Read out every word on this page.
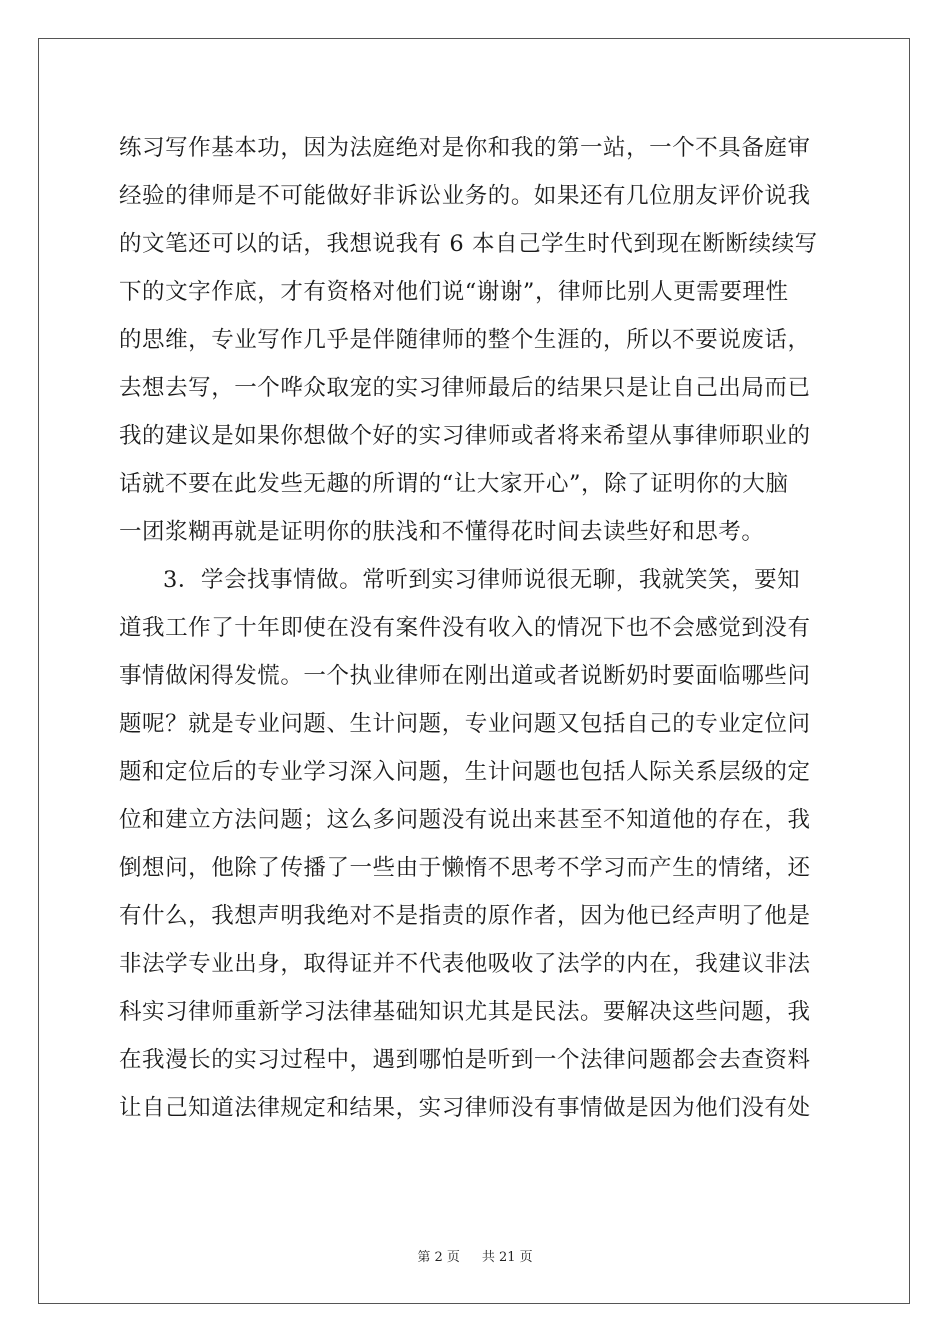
练习写作基本功，因为法庭绝对是你和我的第一站，一个不具备庭审
经验的律师是不可能做好非诉讼业务的。如果还有几位朋友评价说我
的文笔还可以的话，我想说我有 6 本自己学生时代到现在断断续续写
下的文字作底，才有资格对他们说“谢谢”，律师比别人更需要理性
的思维，专业写作几乎是伴随律师的整个生涯的，所以不要说废话，
去想去写，一个哗众取宠的实习律师最后的结果只是让自己出局而已
我的建议是如果你想做个好的实习律师或者将来希望从事律师职业的
话就不要在此发些无趣的所谓的“让大家开心”，除了证明你的大脑
一团浆糊再就是证明你的肤浅和不懂得花时间去读些好和思考。
3．学会找事情做。常听到实习律师说很无聊，我就笑笑，要知
道我工作了十年即使在没有案件没有收入的情况下也不会感觉到没有
事情做闲得发慌。一个执业律师在刚出道或者说断奶时要面临哪些问
题呢？就是专业问题、生计问题，专业问题又包括自己的专业定位问
题和定位后的专业学习深入问题，生计问题也包括人际关系层级的定
位和建立方法问题；这么多问题没有说出来甚至不知道他的存在，我
倒想问，他除了传播了一些由于懒惰不思考不学习而产生的情绪，还
有什么，我想声明我绝对不是指责的原作者，因为他已经声明了他是
非法学专业出身，取得证并不代表他吸收了法学的内在，我建议非法
科实习律师重新学习法律基础知识尤其是民法。要解决这些问题，我
在我漫长的实习过程中，遇到哪怕是听到一个法律问题都会去查资料
让自己知道法律规定和结果，实习律师没有事情做是因为他们没有处
第 2 页 共 21 页
